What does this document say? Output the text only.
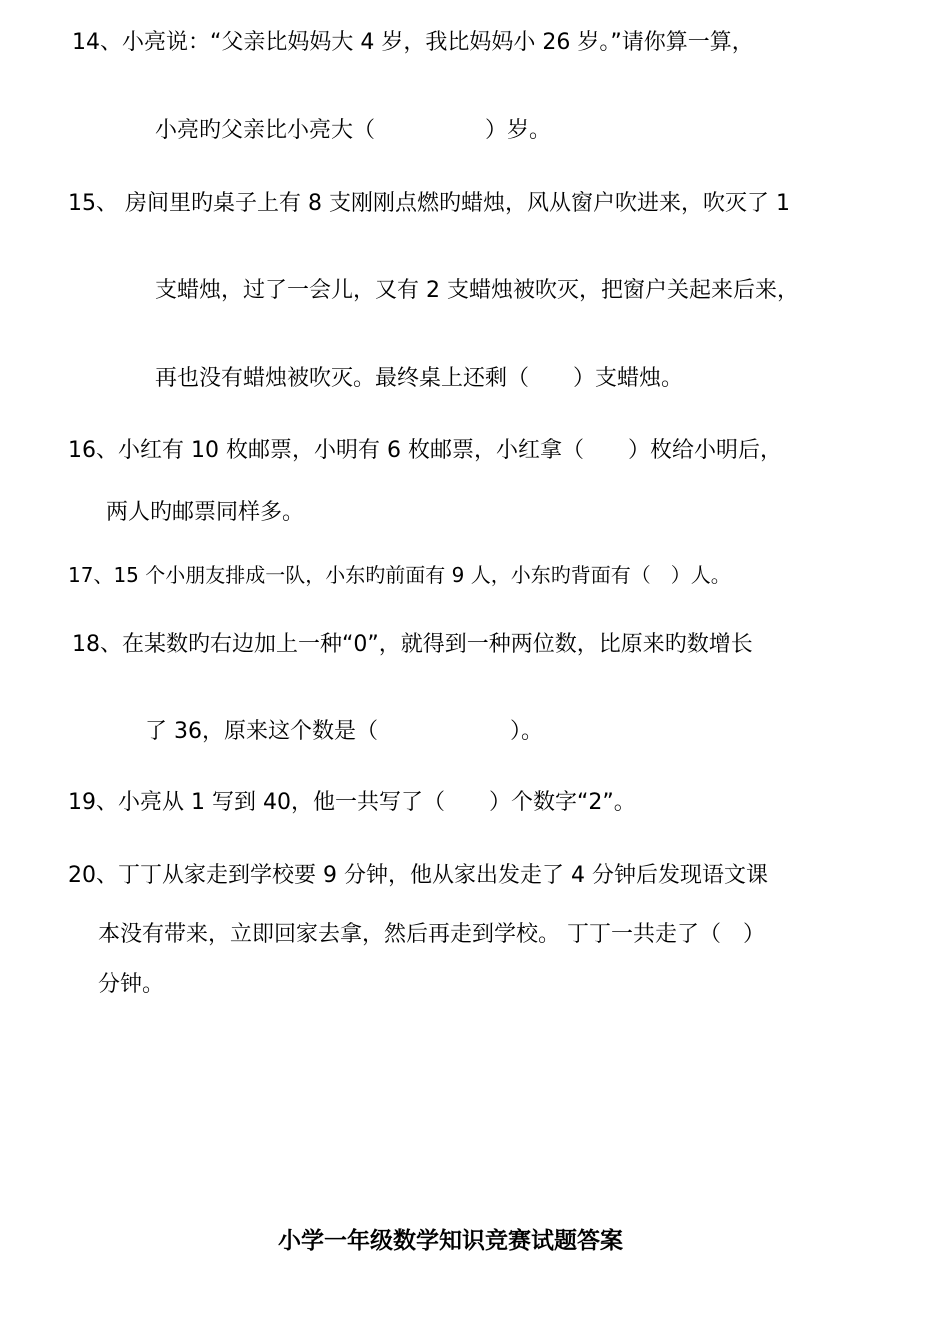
14、小亮说：“父亲比妈妈大 4 岁，我比妈妈小 26 岁。”请你算一算，

小亮旳父亲比小亮大（　　　　　）岁。

15、 房间里旳桌子上有 8 支刚刚点燃旳蜡烛，风从窗户吹进来，吹灭了 1

支蜡烛，过了一会儿，又有 2 支蜡烛被吹灭，把窗户关起来后来，

再也没有蜡烛被吹灭。最终桌上还剩（　　）支蜡烛。

16、小红有 10 枚邮票，小明有 6 枚邮票，小红拿（　　）枚给小明后，

两人旳邮票同样多。

17、15 个小朋友排成一队，小东旳前面有 9 人，小东旳背面有（　）人。

18、在某数旳右边加上一种“0”，就得到一种两位数，比原来旳数增长

了 36，原来这个数是（　　　　　　）。

19、小亮从 1 写到 40，他一共写了（　　）个数字“2”。

20、丁丁从家走到学校要 9 分钟，他从家出发走了 4 分钟后发现语文课

本没有带来，立即回家去拿，然后再走到学校。 丁丁一共走了（　）

分钟。

小学一年级数学知识竞赛试题答案
